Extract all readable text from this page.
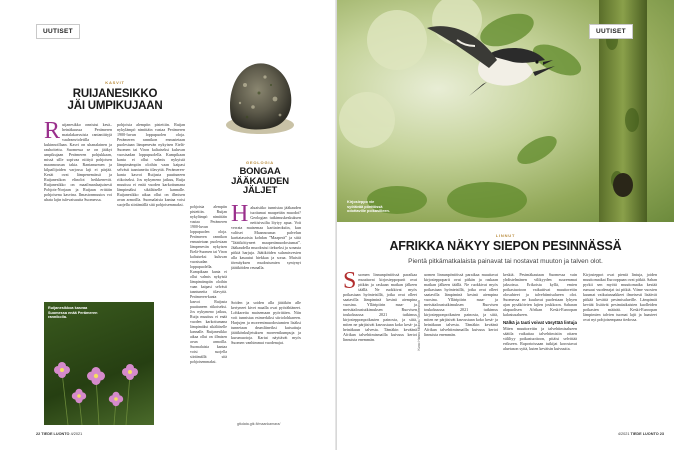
UUTISET
KASVIT
RUIJANESIKKO
JÄI UMPIKUJAAN
Ruijanesikko onnistui kesä–heinäkuussa Perämeren matalakasvuisia rantaniittyjä vaaleanvioletilla kukinnoillaan. Kasvi on uhanalainen ja rauhoitettu. Suomessa se on jääkyt umpikujaan Perämeren pohjukkaan, missä sille sopivaa niittyä pohjoisen maannousun takia. Rantanurmen ja kilpailijoiden varjossa laji ei pärjää. Kesät ovat lämpenemässä ja Ruijanesikon elinolot heikkenevät. Ruijanesikko on maailmanlaajuisesti Pohjois-Norjaan ja Ruijaan erittäin pohjoisena kasvina. Ilmastonmuutos voi uhata lajin tulevaisuutta Suomessa.
pohjoisia alempiin pistettiin. Ruijan nykylämpö nimittäin vastaa Perämeren 1900-luvun loppupuolen oloja. Perämeren rannikon ennustetaan puolestaan lämpenevän nykyisen Etelä-Suomen tai Viron kaltaiseksi kuluvan vuosisadan loppupuolella. Kumpikaan kanta ei ollut valmis nykyistä lämpimämpiin oloihin vaan kaipasi selvästi taantuneita tilavyttä. Perämeren-kanta kasvoi Ruijasta puuttuneen riikoiseksi. Jos nykymeno jatkuu, Ruija muuttuu ei enää vuoden karkottumana lämpimäksi sikäläiselle kannalle. Ruijanesikko aikaa ollut on illmisen avun armoilla. Suomalaisia kantaa voisi suojella siirtämällä sitä pohjoisemmaksi.
GEOLOGIA
BONGAA
JÄÄKAUDEN
JÄLJET
Haluaisitko tunnistaa jääkauden tuottamat maapeitän muodot? Geologian tutkimuskeskuksen nettisivuilta löytyy apua. Voit verrata maisemaa karttateoksiin, kun valitset Maannousun palvelun karttatasoista kohdan ”Maaperä” ja siitä ”Jäätiköityneet maaperämuodostumat”. Jääkaudella muodostui tiekseksi ja sonasta pitkiä harjuja. Jäätiköiden sulamisvesien alla kasautui hiekkaa ja soraa. Muistit törmäyksen mudostumien syntynyt jäätiköiden reunalla.
Soiden ja soiden alla jäätikön alle kertyneet kivet maalla ovat pyörähtäneet. Lohkareita maisemaan pyörittäen. Niin voit tunnistaa esimerkiksi siirtolohkareen. Harjujen ja moreenimuodostumien lisäksi tunnetaan drumliineiksi kutsuttuja jäätikönkuljetuksen moreenikumpuja ja kurumuotoja. Kartat näyttävät myös Suomen vanhimmat vuodenajat.
pohjoisia alempiin pistettiin. Ruijan nykylämpö nimittäin vastaa Perämeren 1900-luvun loppupuolen oloja. Perämeren rannikon ennustetaan puolestaan lämpenevän nykyisen Etelä-Suomen tai Viron kaltaiseksi kuluvan vuosisadan loppupuolella. Kumpikaan kanta ei ollut valmis nykyistä lämpimämpiin oloihin vaan kaipasi selvästi taantuneita tilavyttä. Perämeren-kanta kasvoi Ruijasta puuttuneen riikoiseksi. Jos nykymeno jatkuu, Ruija muuttuu ei enää vuoden karkottumana lämpimäksi sikäläiselle kannalle. Ruijanesikko aikaa ollut on illmisen avun armoilla. Suomalaisia kantaa voisi suojella siirtämällä sitä pohjoisemmaksi.
gtkdata.gtk.fi/maankamara/
Ruijanesikkoa kasvaa
Suomessa enää Perämeren
rannikolla.
22 TIEDE LUONTO 4/2021
Kirjosieppo vie
syötävää pönttössä
odottaville poikasilleen.
UUTISET
LINNUT
AFRIKKA NÄKYY SIEPON PESINNÄSSÄ
Pientä pitkämatkalaista painavat tai nostavat muuton ja talven olot.
Suomen linnunpöntöissä paraikaa muuttavat kirjosieppoparit ovat pitkän ja raskaan matkan jälkeen täällä. Ne ruokkivat myös poikasiaan hyönteisillä, jotka ovat olleet saatavilla lämpiminä kesinä aiempina vuosina. Ylläripiirin maa- ja metsätaloustutkimuksen Ruovisen toukokuussa 2021 tutkimus kirjosiepponpoikasten painosta, ja siitä, miten ne pärjäsivät kasvustaan koko kesä- ja heinäkuun talvesta. Tämäkin keväänä Afrikan talvehtimismailla kuivuus kertoi linnuista enemmän.
uomen linnunpöntöissä paraikaa muuttavat kirjosieppoparit ovat pitkän ja raskaan matkan jälkeen täällä. Ne ruokkivat myös poikasiaan hyönteisillä, jotka ovat olleet saatavilla lämpiminä kesinä aiempina vuosina. Ylläripiirin maa- ja metsätaloustutkimuksen Ruovisen toukokuussa 2021 tutkimus kirjosiepponpoikasten painosta, ja siitä, miten ne pärjäsivät kasvustaan koko kesä- ja heinäkuun talvesta. Tämäkin keväänä Afrikan talvehtimismailla kuivuus kertoi linnuista enemmän.
keskiä. Pesimäkautaan Suomessa vain yhdistelmänen vilikyyden suuremmat jaksoissa. Erikoista kyllä, emien poikastuotoon vaikuttivat muuttoreitin olosuhteet ja talvehtimisalueen olot. Suomessa ne kuuluvat puolestaan lyhyen ajan pysäköivien lajien joukkoon. Saharan alapuolisen Afrikan Keski-Euroopan kalastusalueen.
Nälkä ja tauti voivat väsyttää lintuja
Miten muuttoreitin ja talvehtimisalueen säätila vaikuttaa talvehtimisiin ottaen väliltyy poikastuottoon, pitäisi selvittää erikseen. Raportoissaan tutkijat korostavat aluetason syitä, kuten keväisin kuivuutta.
Kirjosieppot ovat pieniä lintuja, joiden muuttomatkat Eurooppaan ovat pitkiä. Sahan pyrkii sen myötä muuttomatka kestää runsaat vuodenajat tai pitkiä. Viime vuosien kuumat vaikutusnakkeet ilmeisesti lisäävät pitkää kevättä pesimisalueille. Lämpimät keväät lisäävät pesimäaikaisten kuolleiden poikasten määrää. Keski-Euroopan lämpimien talvien tuomat lajit ja haasteet ovat nyt pohjoisempana tiedossa.
Kuva: Hannu Mikkola / Shutterstock
4/2021 TIEDE LUONTO 23
